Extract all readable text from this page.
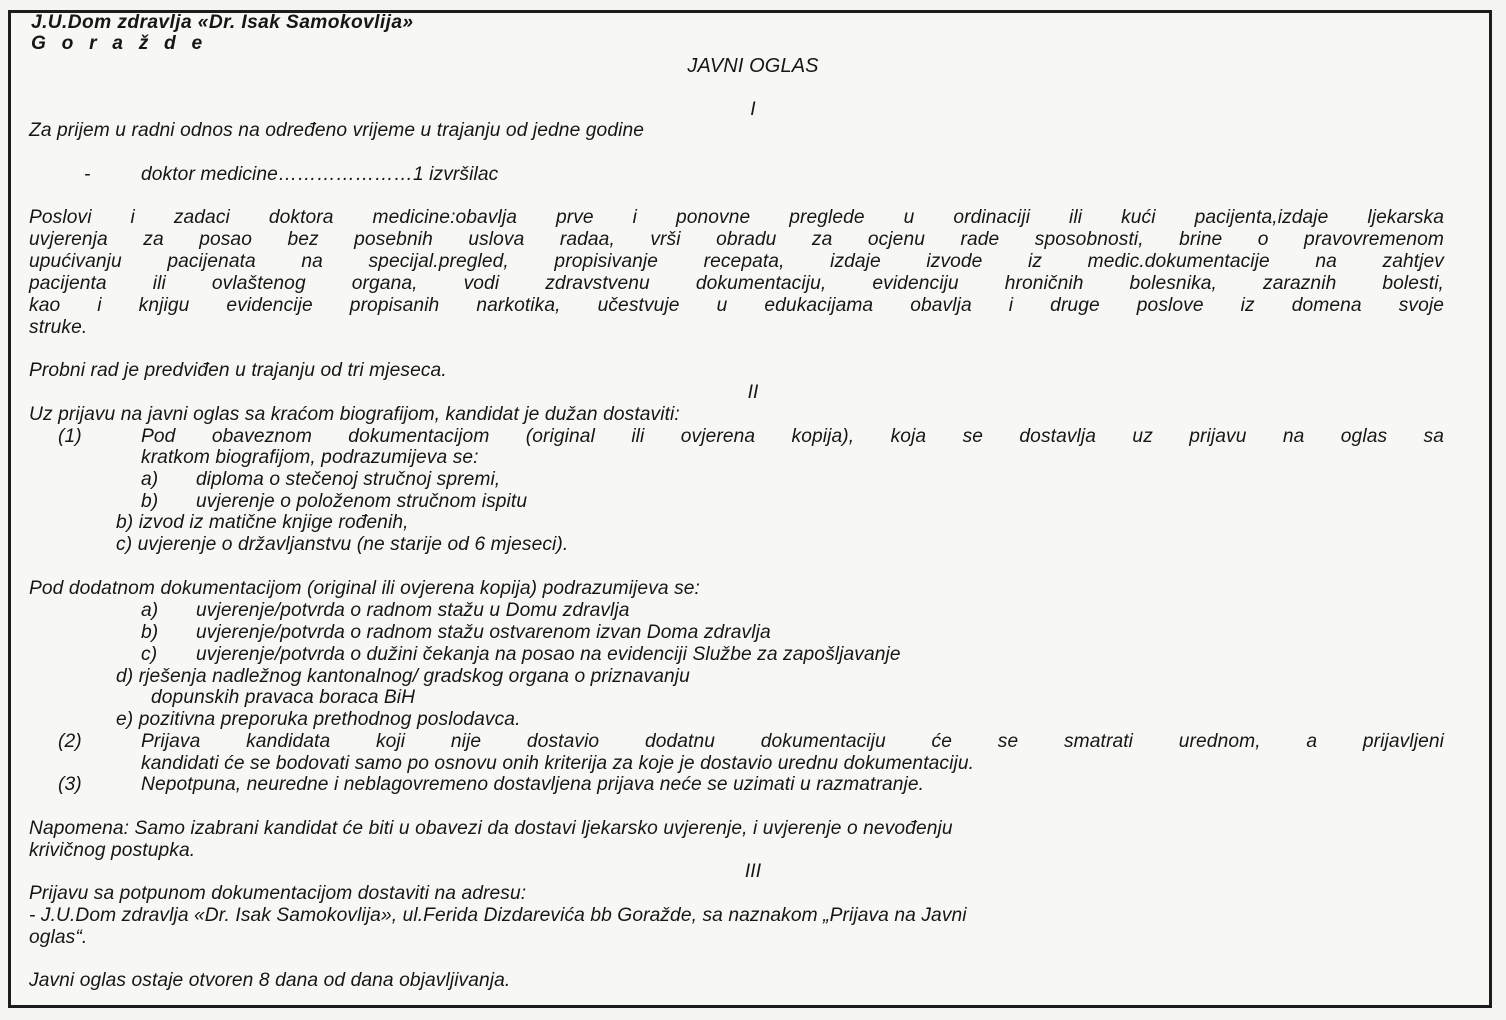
J.U.Dom zdravlja «Dr. Isak Samokovlija»
G o r a ž d e
JAVNI OGLAS
I
Za prijem u radni odnos na određeno vrijeme u trajanju od jedne godine
-	doktor medicine…………………1 izvršilac
Poslovi i zadaci doktora medicine:obavlja prve i ponovne preglede u ordinaciji ili kući pacijenta,izdaje ljekarska
uvjerenja za posao bez posebnih uslova radaa, vrši obradu za ocjenu rade sposobnosti, brine o pravovremenom
upućivanju pacijenata na specijal.pregled, propisivanje recepata, izdaje izvode iz medic.dokumentacije na zahtjev
pacijenta ili ovlaštenog organa, vodi zdravstvenu dokumentaciju, evidenciju hroničnih bolesnika, zaraznih bolesti,
kao i knjigu evidencije propisanih narkotika, učestvuje u edukacijama obavlja i druge poslove iz domena svoje
struke.
Probni rad je predviđen u trajanju od tri mjeseca.
II
Uz prijavu na javni oglas sa kraćom biografijom, kandidat je dužan dostaviti:
(1)	Pod obaveznom dokumentacijom (original ili ovjerena kopija), koja se dostavlja uz prijavu na oglas sa
kratkom biografijom, podrazumijeva se:
a) diploma o stečenoj stručnoj spremi,
b) uvjerenje o položenom stručnom ispitu
b) izvod iz matične knjige rođenih,
c) uvjerenje o državljanstvu (ne starije od 6 mjeseci).
Pod dodatnom dokumentacijom (original ili ovjerena kopija) podrazumijeva se:
a) uvjerenje/potvrda o radnom stažu u Domu zdravlja
b) uvjerenje/potvrda o radnom stažu ostvarenom izvan Doma zdravlja
c) uvjerenje/potvrda o dužini čekanja na posao na evidenciji Službe za zapošljavanje
d) rješenja nadležnog kantonalnog/ gradskog organa o priznavanju
dopunskih pravaca boraca BiH
e) pozitivna preporuka prethodnog poslodavca.
(2)	Prijava kandidata koji nije dostavio dodatnu dokumentaciju će se smatrati urednom, a prijavljeni
kandidati će se bodovati samo po osnovu onih kriterija za koje je dostavio urednu dokumentaciju.
(3)	Nepotpuna, neuredne i neblagovremeno dostavljena prijava neće se uzimati u razmatranje.
Napomena: Samo izabrani kandidat će biti u obavezi da dostavi ljekarsko uvjerenje, i uvjerenje o nevođenju
krivičnog postupka.
III
Prijavu sa potpunom dokumentacijom dostaviti na adresu:
- J.U.Dom zdravlja «Dr. Isak Samokovlija», ul.Ferida Dizdarevića bb Goražde, sa naznakom „Prijava na Javni
oglas“.
Javni oglas ostaje otvoren 8 dana od dana objavljivanja.
